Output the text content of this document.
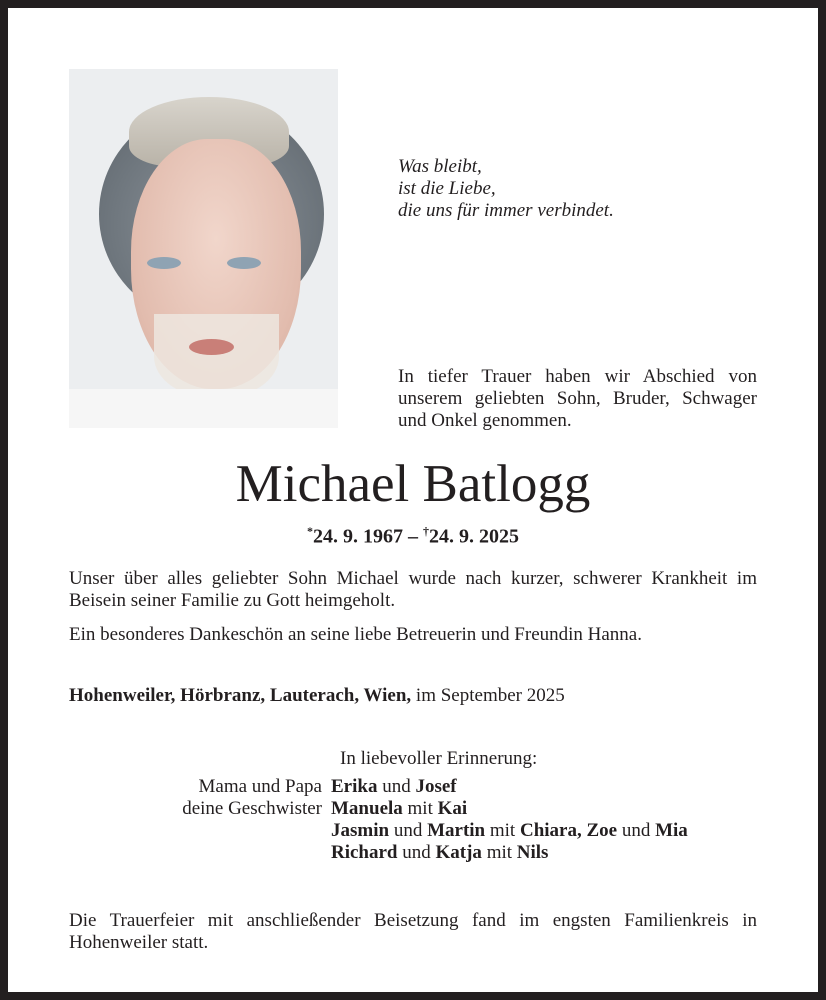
Was bleibt,
ist die Liebe,
die uns für immer verbindet.
In tiefer Trauer haben wir Abschied von unserem geliebten Sohn, Bruder, Schwager und Onkel genommen.
Michael Batlogg
*24. 9. 1967 – †24. 9. 2025
Unser über alles geliebter Sohn Michael wurde nach kurzer, schwerer Krankheit im Beisein seiner Familie zu Gott heimgeholt.
Ein besonderes Dankeschön an seine liebe Betreuerin und Freundin Hanna.
Hohenweiler, Hörbranz, Lauterach, Wien, im September 2025
In liebevoller Erinnerung:
Mama und Papa Erika und Josef
deine Geschwister Manuela mit Kai
Jasmin und Martin mit Chiara, Zoe und Mia
Richard und Katja mit Nils
Die Trauerfeier mit anschließender Beisetzung fand im engsten Familienkreis in Hohenweiler statt.
